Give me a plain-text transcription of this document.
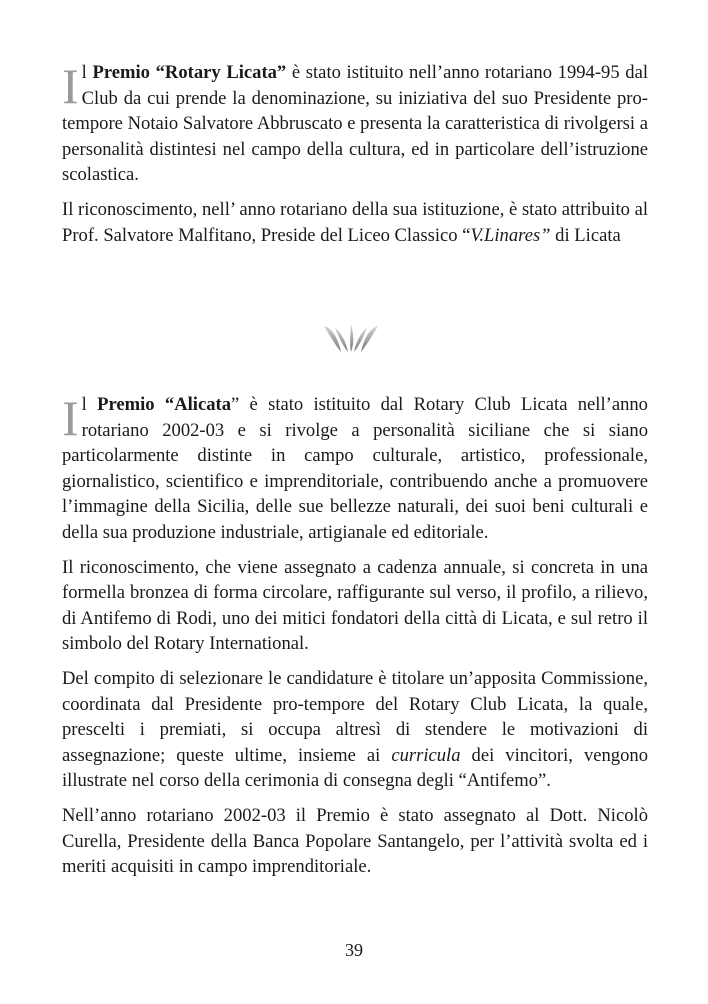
Il Premio “Rotary Licata” è stato istituito nell’anno rotariano 1994-95 dal Club da cui prende la denominazione, su iniziativa del suo Presidente pro-tempore Notaio Salvatore Abbruscato e presenta la caratteristica di rivolgersi a personalità distintesi nel campo della cultura, ed in particolare dell’istruzione scolastica.

Il riconoscimento, nell’ anno rotariano della sua istituzione, è stato attribuito al Prof. Salvatore Malfitano, Preside del Liceo Classico “V.Linares” di Licata

Il Premio “Alicata” è stato istituito dal Rotary Club Licata nell’anno rotariano 2002-03 e si rivolge a personalità siciliane che si siano particolarmente distinte in campo culturale, artistico, professionale, giornalistico, scientifico e imprenditoriale, contribuendo anche a promuovere l’immagine della Sicilia, delle sue bellezze naturali, dei suoi beni culturali e della sua produzione industriale, artigianale ed editoriale.

Il riconoscimento, che viene assegnato a cadenza annuale, si concreta in una formella bronzea di forma circolare, raffigurante sul verso, il profilo, a rilievo, di Antifemo di Rodi, uno dei mitici fondatori della città di Licata, e sul retro il simbolo del Rotary International.

Del compito di selezionare le candidature è titolare un’apposita Commissione, coordinata dal Presidente pro-tempore del Rotary Club Licata, la quale, prescelti i premiati, si occupa altresì di stendere le motivazioni di assegnazione; queste ultime, insieme ai curricula dei vincitori, vengono illustrate nel corso della cerimonia di consegna degli “Antifemo”.

Nell’anno rotariano 2002-03 il Premio è stato assegnato al Dott. Nicolò Curella, Presidente della Banca Popolare Santangelo, per l’attività svolta ed i meriti acquisiti in campo imprenditoriale.

39
